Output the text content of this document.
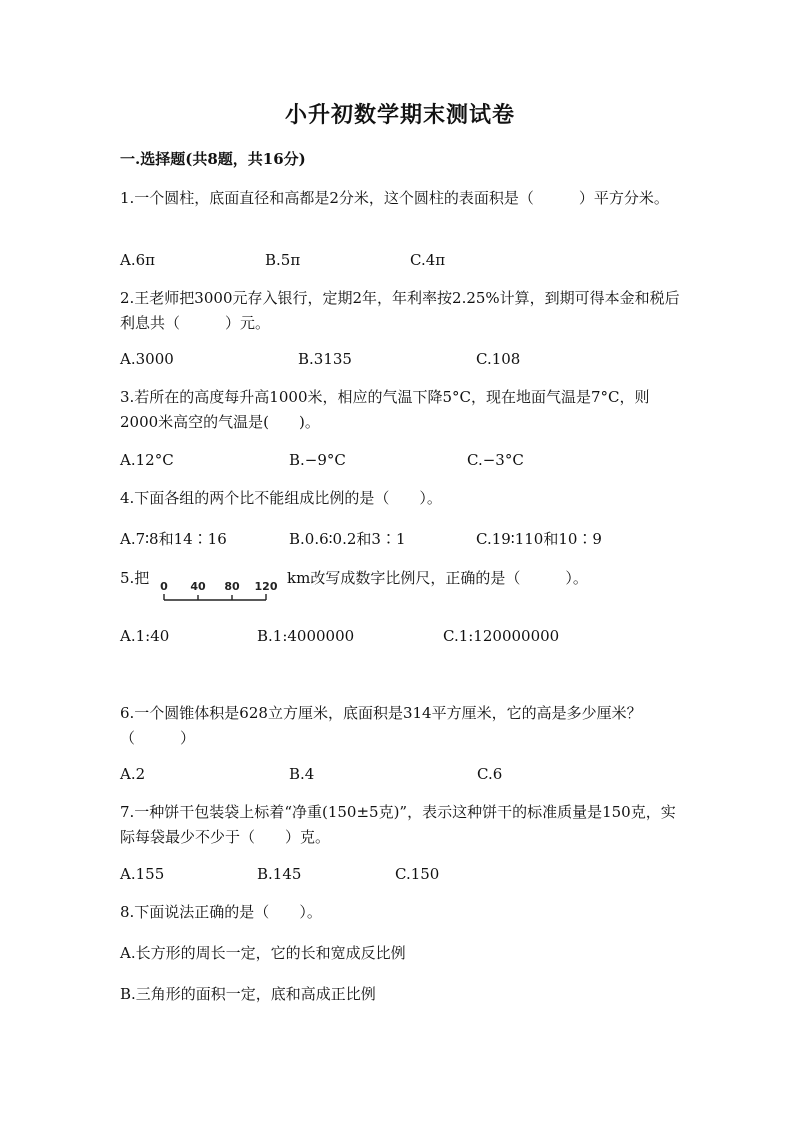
小升初数学期末测试卷
一.选择题(共8题，共16分)
1.一个圆柱，底面直径和高都是2分米，这个圆柱的表面积是（　　　）平方分米。
A.6π	B.5π	C.4π
2.王老师把3000元存入银行，定期2年，年利率按2.25%计算，到期可得本金和税后利息共（　　　）元。
A.3000	B.3135	C.108
3.若所在的高度每升高1000米，相应的气温下降5°C，现在地面气温是7°C，则2000米高空的气温是(　　)。
A.12°C	B.−9°C	C.−3°C
4.下面各组的两个比不能组成比例的是（　　）。
A.7∶8和14∶16	B.0.6∶0.2和3∶1	C.19∶110和10∶9
5.把 0 40 80 120 km改写成数字比例尺，正确的是（　　　）。
A.1:40	B.1:4000000	C.1:120000000
6.一个圆锥体积是628立方厘米，底面积是314平方厘米，它的高是多少厘米？（　　　）
A.2	B.4	C.6
7.一种饼干包装袋上标着“净重(150±5克)”，表示这种饼干的标准质量是150克，实际每袋最少不少于（　　）克。
A.155	B.145	C.150
8.下面说法正确的是（　　）。
A.长方形的周长一定，它的长和宽成反比例
B.三角形的面积一定，底和高成正比例
